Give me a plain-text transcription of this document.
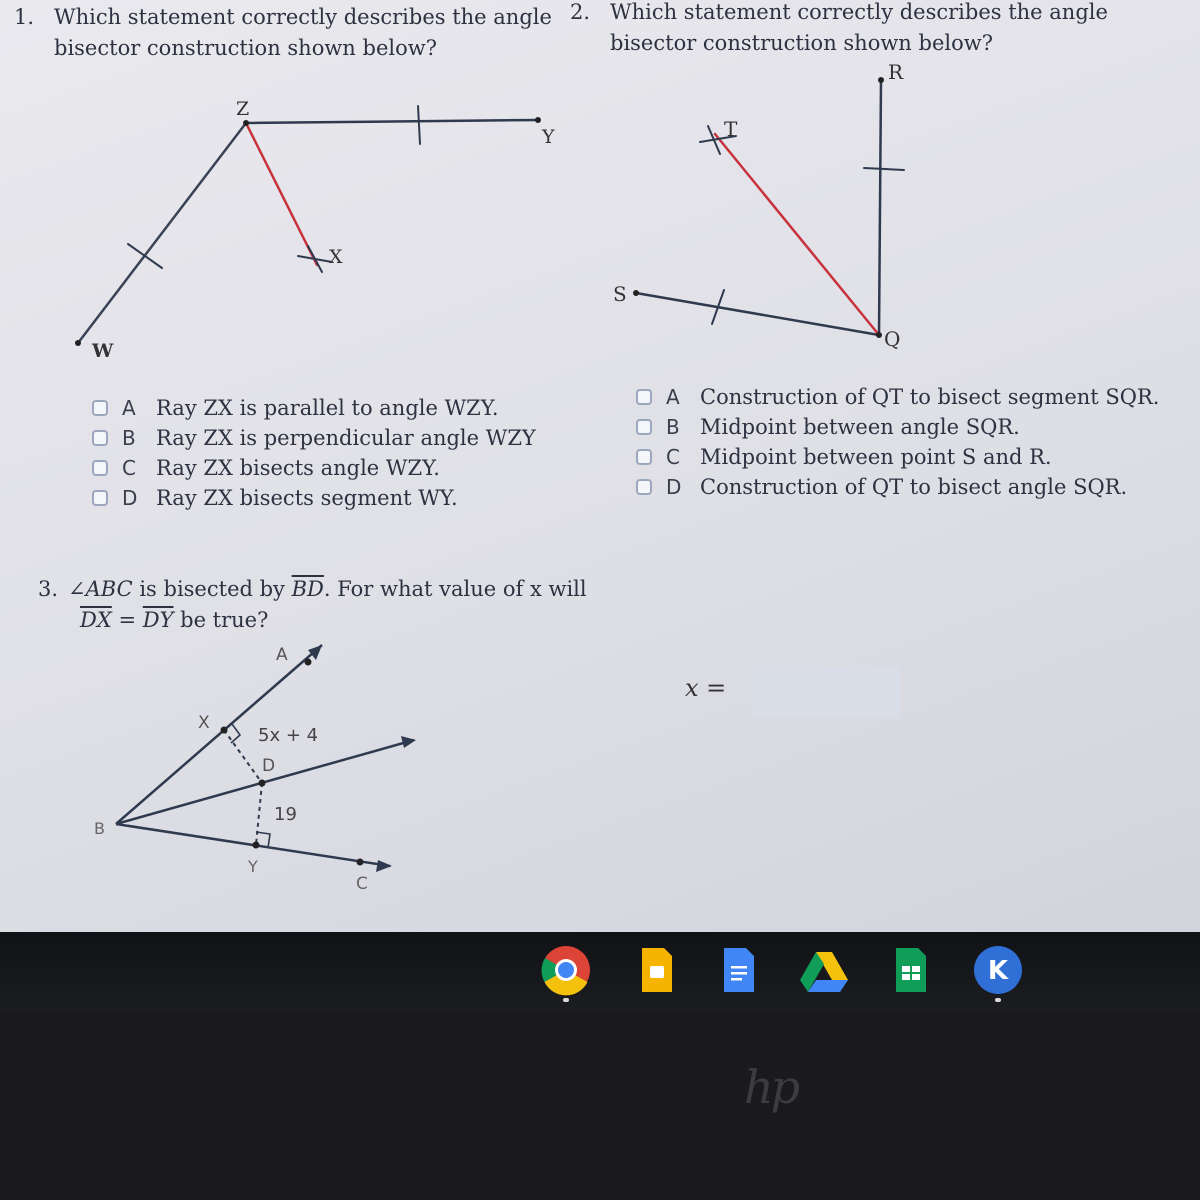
1. Which statement correctly describes the angle
bisector construction shown below?
2. Which statement correctly describes the angle
bisector construction shown below?
Z
Y
X
W
R
T
S
Q
A
X
5x + 4
D
19
B
Y
C
A Ray ZX is parallel to angle WZY.
B Ray ZX is perpendicular angle WZY
C Ray ZX bisects angle WZY.
D Ray ZX bisects segment WY.
A Construction of QT to bisect segment SQR.
B Midpoint between angle SQR.
C Midpoint between point S and R.
D Construction of QT to bisect angle SQR.
3. ∠ABC is bisected by $\overline{BD}$. For what value of x will
$\overline{DX} = \overline{DY}$ be true?
x =
K
hp
